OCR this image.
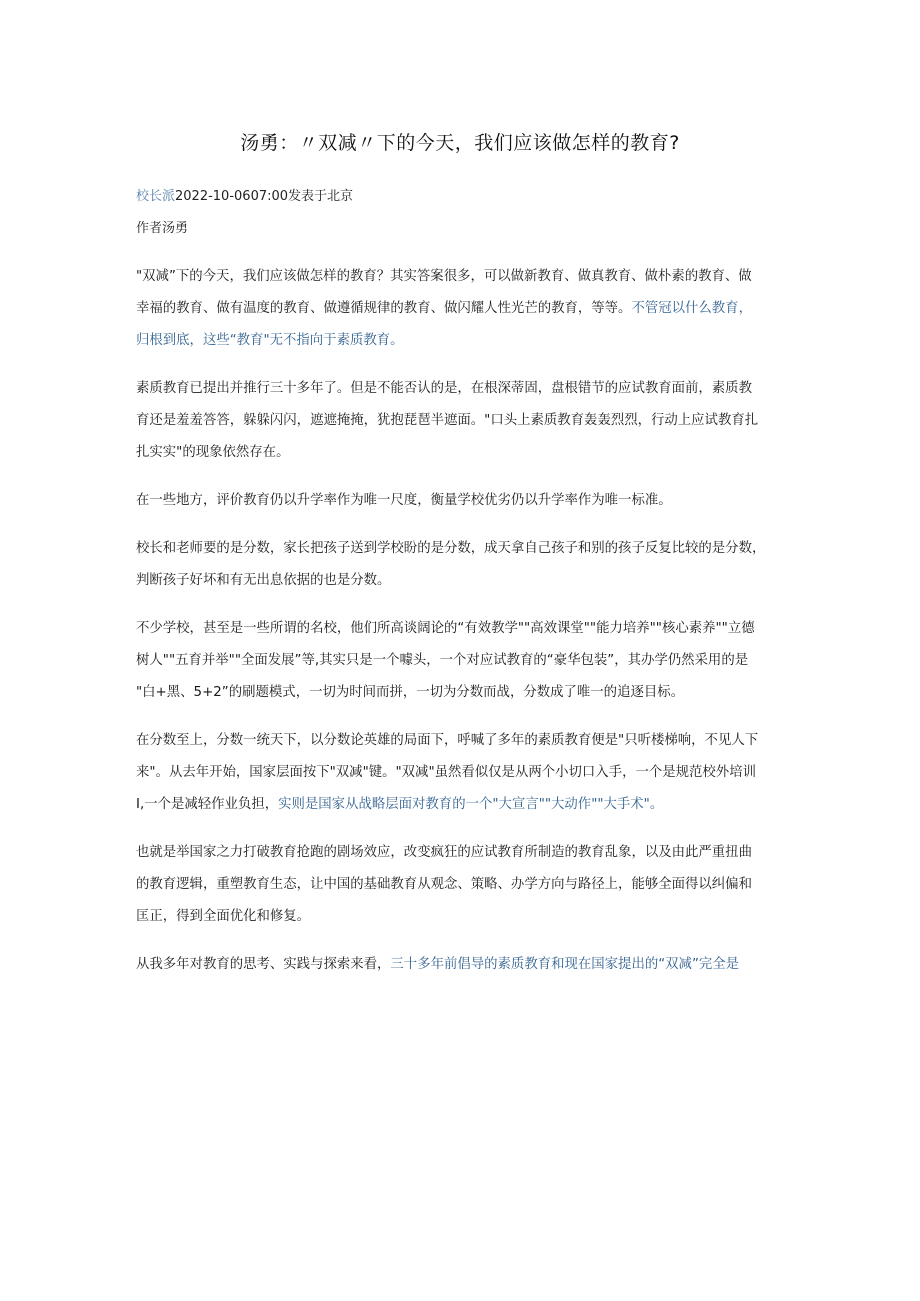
汤勇：〃双减〃下的今天，我们应该做怎样的教育?
校长派2022-10-0607:00发表于北京
作者汤勇

"双减”下的今天，我们应该做怎样的教育？其实答案很多，可以做新教育、做真教育、做朴素的教育、做
幸福的教育、做有温度的教育、做遵循规律的教育、做闪耀人性光芒的教育，等等。不管冠以什么教育，
归根到底，这些“教育"无不指向于素质教育。

素质教育已提出并推行三十多年了。但是不能否认的是，在根深蒂固，盘根错节的应试教育面前，素质教
育还是羞羞答答，躲躲闪闪，遮遮掩掩，犹抱琵琶半遮面。"口头上素质教育轰轰烈烈，行动上应试教育扎
扎实实"的现象依然存在。

在一些地方，评价教育仍以升学率作为唯一尺度，衡量学校优劣仍以升学率作为唯一标准。

校长和老师要的是分数，家长把孩子送到学校盼的是分数，成天拿自己孩子和别的孩子反复比较的是分数，
判断孩子好坏和有无出息依据的也是分数。

不少学校，甚至是一些所谓的名校，他们所高谈阔论的“有效教学""高效课堂""能力培养""核心素养""立德
树人""五育并举""全面发展”等,其实只是一个噱头，一个对应试教育的“豪华包装”，其办学仍然采用的是
"白+黑、5+2”的刷题模式，一切为时间而拼，一切为分数而战，分数成了唯一的追逐目标。

在分数至上，分数一统天下，以分数论英雄的局面下，呼喊了多年的素质教育便是"只听楼梯响，不见人下
来"。从去年开始，国家层面按下"双减"键。"双减"虽然看似仅是从两个小切口入手，一个是规范校外培训
I,一个是减轻作业负担，实则是国家从战略层面对教育的一个"大宣言""大动作""大手术"。

也就是举国家之力打破教育抢跑的剧场效应，改变疯狂的应试教育所制造的教育乱象，以及由此严重扭曲
的教育逻辑，重塑教育生态，让中国的基础教育从观念、策略、办学方向与路径上，能够全面得以纠偏和
匡正，得到全面优化和修复。

从我多年对教育的思考、实践与探索来看，三十多年前倡导的素质教育和现在国家提出的“双减”完全是
